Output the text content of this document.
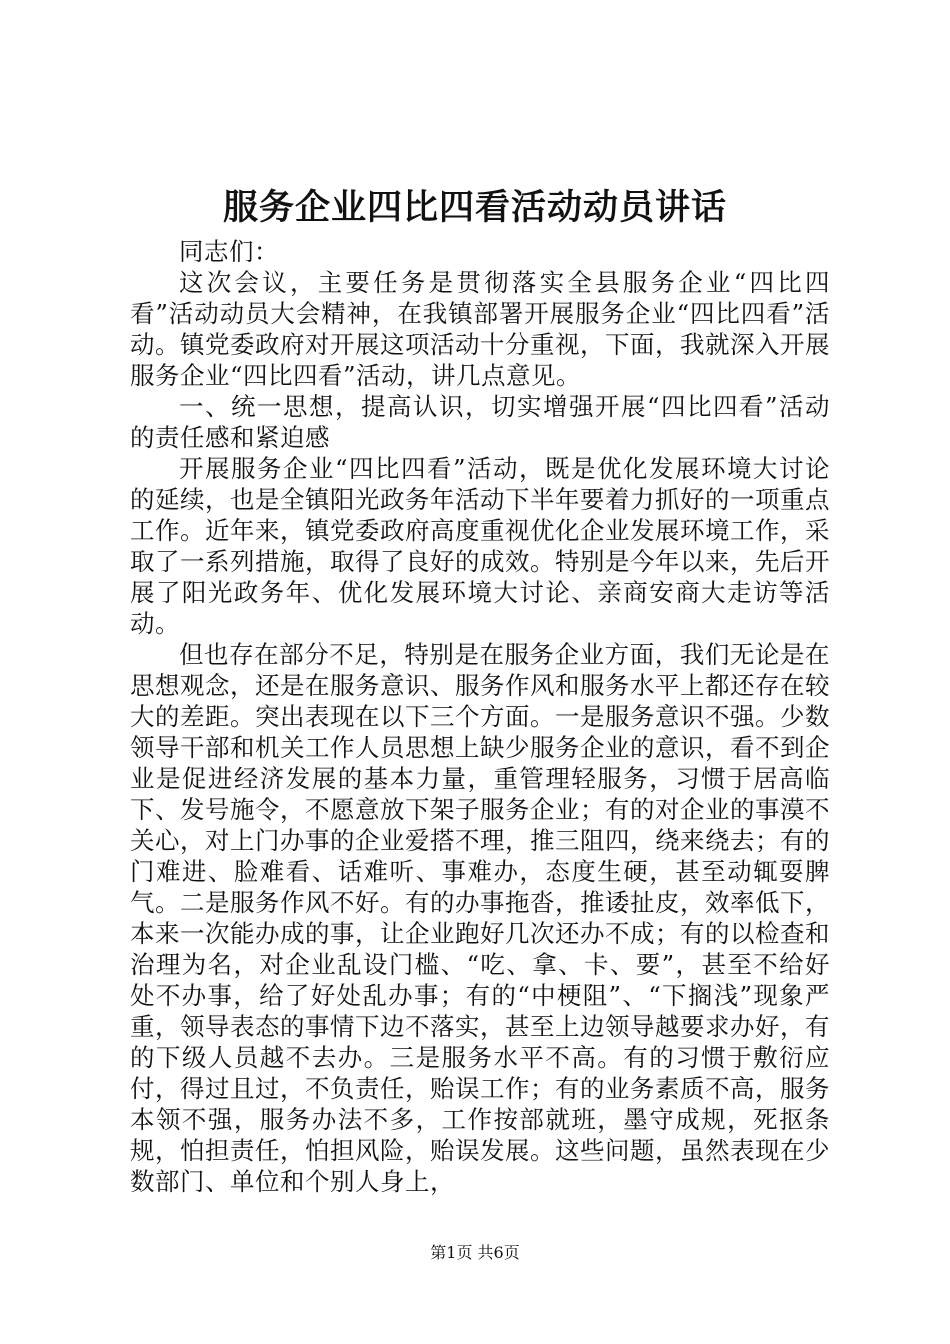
服务企业四比四看活动动员讲话

同志们：

这次会议，主要任务是贯彻落实全县服务企业“四比四看”活动动员大会精神，在我镇部署开展服务企业“四比四看”活动。镇党委政府对开展这项活动十分重视，下面，我就深入开展服务企业“四比四看”活动，讲几点意见。

一、统一思想，提高认识，切实增强开展“四比四看”活动的责任感和紧迫感

开展服务企业“四比四看”活动，既是优化发展环境大讨论的延续，也是全镇阳光政务年活动下半年要着力抓好的一项重点工作。近年来，镇党委政府高度重视优化企业发展环境工作，采取了一系列措施，取得了良好的成效。特别是今年以来，先后开展了阳光政务年、优化发展环境大讨论、亲商安商大走访等活动。

但也存在部分不足，特别是在服务企业方面，我们无论是在思想观念，还是在服务意识、服务作风和服务水平上都还存在较大的差距。突出表现在以下三个方面。一是服务意识不强。少数领导干部和机关工作人员思想上缺少服务企业的意识，看不到企业是促进经济发展的基本力量，重管理轻服务，习惯于居高临下、发号施令，不愿意放下架子服务企业；有的对企业的事漠不关心，对上门办事的企业爱搭不理，推三阻四，绕来绕去；有的门难进、脸难看、话难听、事难办，态度生硬，甚至动辄耍脾气。二是服务作风不好。有的办事拖沓，推诿扯皮，效率低下，本来一次能办成的事，让企业跑好几次还办不成；有的以检查和治理为名，对企业乱设门槛、“吃、拿、卡、要”，甚至不给好处不办事，给了好处乱办事；有的“中梗阻”、“下搁浅”现象严重，领导表态的事情下边不落实，甚至上边领导越要求办好，有的下级人员越不去办。三是服务水平不高。有的习惯于敷衍应付，得过且过，不负责任，贻误工作；有的业务素质不高，服务本领不强，服务办法不多，工作按部就班，墨守成规，死抠条规，怕担责任，怕担风险，贻误发展。这些问题，虽然表现在少数部门、单位和个别人身上，

第1页 共6页
